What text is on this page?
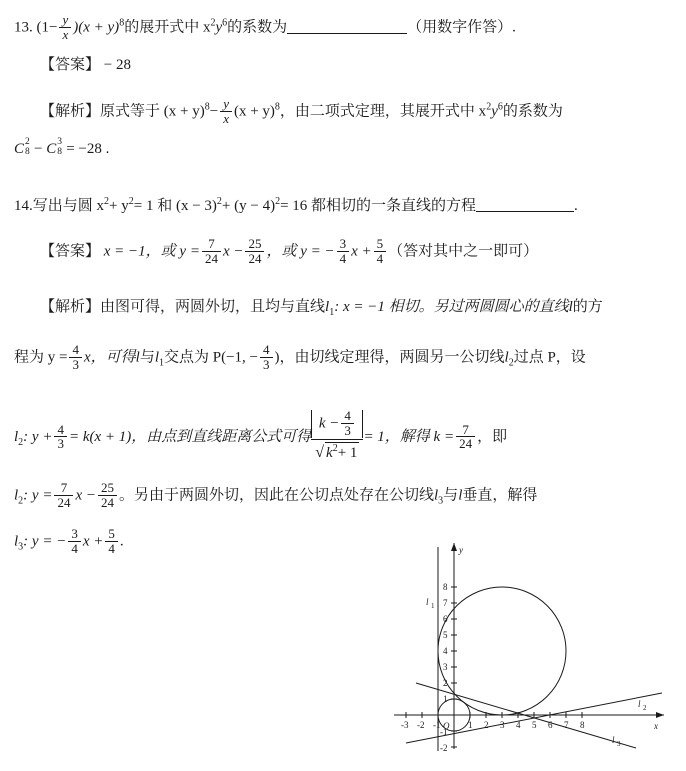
13. $(1- \frac{y}{x} )(x + y)^8$的展开式中 $x^2y^6$的系数为	（用数字作答）.
【答案】 − 28
【解析】原式等于 $(x + y)^8- \frac{y}{x} (x + y)^8$，由二项式定理，其展开式中 $x^2y^6$的系数为
C 2
8 − C 3
8 = −28 .
14.写出与圆 $x^2+ y^2= 1$ 和 $(x - 3)^2+ (y - 4)^2= 16$ 都相切的一条直线的方程	.
【答案】 x = −1，或 $y = \frac{7}{24}$ $x - \frac{25}{24}$ ，或 y = − $\frac{3}{4}$ $x + \frac{5}{4}$ （答对其中之一即可）
【解析】由图可得，两圆外切，且均与直线$l_1$: x = −1 相切。另过两圆圆心的直线l的方
程为 $y = \frac{4}{3}$ x，可得l与$l_1$交点为 P(−1, − $\frac{4}{3}$ )，由切线定理得，两圆另一公切线$l_2$过点 P，设
$l_2$: $y + \frac{4}{3} = k(x + 1)$，由点到直线距离公式可得 $\frac{k - \frac{4}{3}}{√ k^2+ 1} = 1$，解得 $k = \frac{7}{24}$ ，即
$l_2$: $y = \frac{7}{24}$ $x - \frac{25}{24}$ 。另由于两圆外切，因此在公切点处存在公切线$l_3$与l垂直，解得
$l_3$: y = − $\frac{3}{4}$ $x + \frac{5}{4}$ .
y
x
O
-3 -2 -1	1 2 3 4 5 6 7 8
8
7
6
5
4
3
2
1
-1
-2
l 1
l 2
l 3
